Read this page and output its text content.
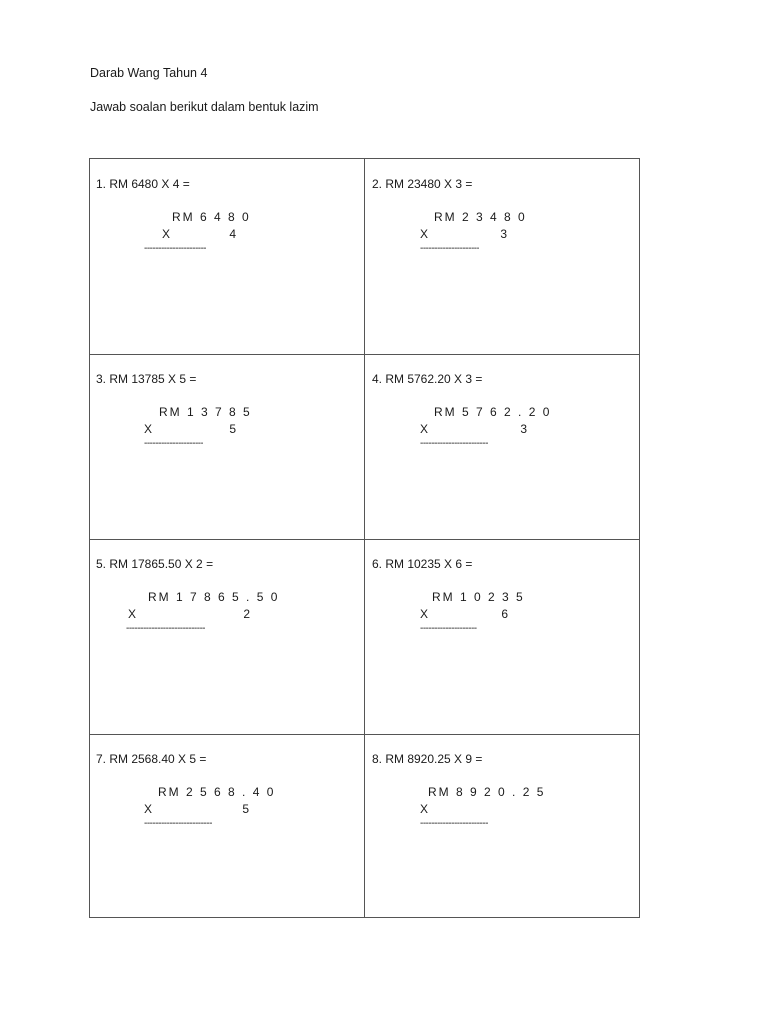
Darab Wang Tahun 4
Jawab soalan berikut dalam bentuk lazim
1. RM 6480 X 4 =
RM 6 4 8 0
X	4
----------------------
2. RM 23480 X 3 =
RM 2 3 4 8 0
X	3
---------------------
3. RM 13785 X 5 =
RM 1 3 7 8 5
X	5
---------------------
4. RM 5762.20 X 3 =
RM 5 7 6 2 . 2 0
X	3
------------------------
5. RM 17865.50 X 2 =
RM 1 7 8 6 5 . 5 0
X	2
----------------------------
6. RM 10235 X 6 =
RM 1 0 2 3 5
X	6
--------------------
7. RM 2568.40 X 5 =
RM 2 5 6 8 . 4 0
X	5
------------------------
8. RM 8920.25 X 9 =
RM 8 9 2 0 . 2 5
X
------------------------
